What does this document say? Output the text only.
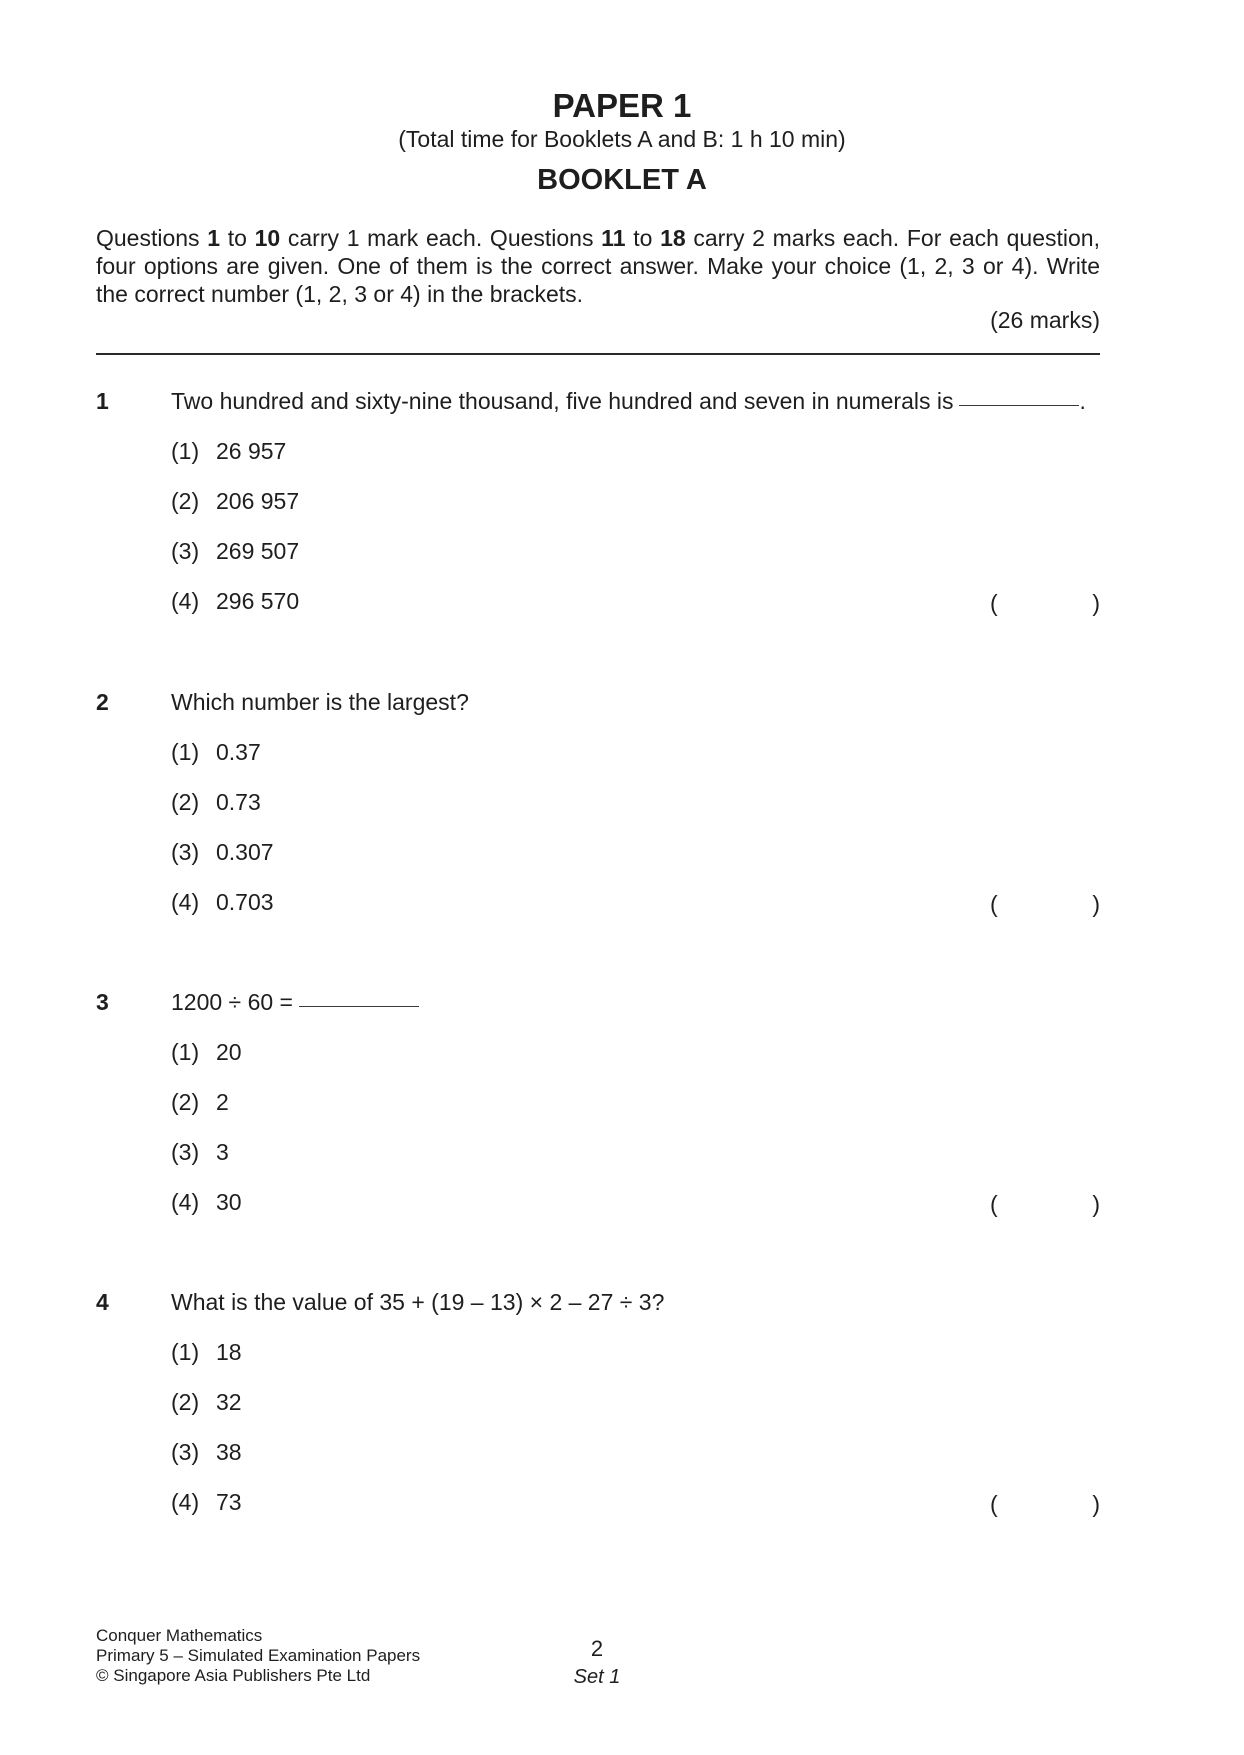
PAPER 1
(Total time for Booklets A and B: 1 h 10 min)
BOOKLET A
Questions 1 to 10 carry 1 mark each. Questions 11 to 18 carry 2 marks each. For each question, four options are given. One of them is the correct answer. Make your choice (1, 2, 3 or 4). Write the correct number (1, 2, 3 or 4) in the brackets.
(26 marks)
1	Two hundred and sixty-nine thousand, five hundred and seven in numerals is	.
(1) 26 957
(2) 206 957
(3) 269 507
(4) 296 570	(	)
2	Which number is the largest?
(1) 0.37
(2) 0.73
(3) 0.307
(4) 0.703	(	)
3	1200 ÷ 60 =
(1) 20
(2) 2
(3) 3
(4) 30	(	)
4	What is the value of 35 + (19 – 13) × 2 – 27 ÷ 3?
(1) 18
(2) 32
(3) 38
(4) 73	(	)
Conquer Mathematics
Primary 5 – Simulated Examination Papers
© Singapore Asia Publishers Pte Ltd
2
Set 1
